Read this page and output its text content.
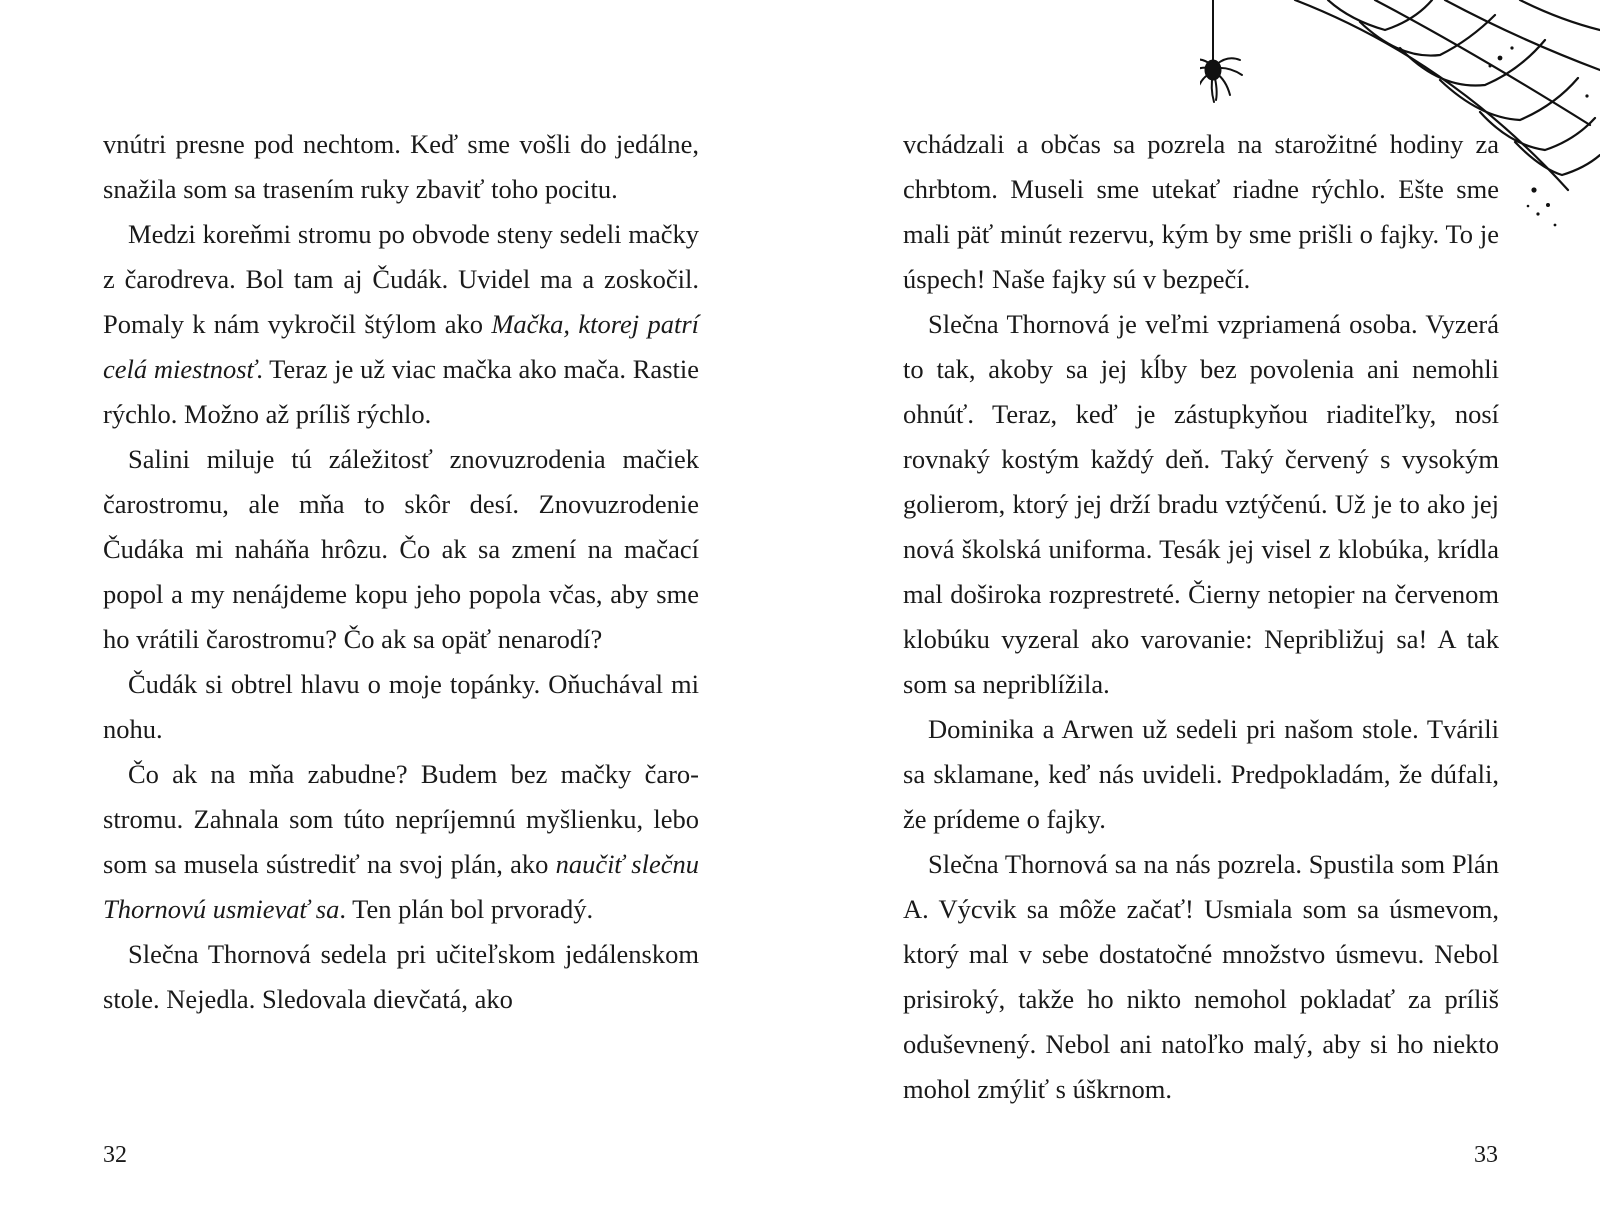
vnútri presne pod nechtom. Keď sme vošli do jedálne, snažila som sa trasením ruky zbaviť toho pocitu.

Medzi koreňmi stromu po obvode steny sedeli mačky z čarodreva. Bol tam aj Čudák. Uvidel ma a zoskočil. Pomaly k nám vykročil štýlom ako Mačka, ktorej patrí celá miestnosť. Teraz je už viac mačka ako mača. Rastie rýchlo. Možno až príliš rýchlo.

Salini miluje tú záležitosť znovuzrodenia mačiek čarostromu, ale mňa to skôr desí. Znovuzrodenie Čudáka mi naháňa hrôzu. Čo ak sa zmení na mačací popol a my nenájdeme kopu jeho popola včas, aby sme ho vrátili čarostromu? Čo ak sa opäť nenarodí?

Čudák si obtrel hlavu o moje topánky. Oňuchával mi nohu.

Čo ak na mňa zabudne? Budem bez mačky čarostromu. Zahnala som túto nepríjemnú myšlienku, lebo som sa musela sústrediť na svoj plán, ako naučiť slečnu Thornovú usmievať sa. Ten plán bol prvoradý.

Slečna Thornová sedela pri učiteľskom jedálenskom stole. Nejedla. Sledovala dievčatá, ako

32

vchádzali a občas sa pozrela na starožitné hodiny za chrbtom. Museli sme utekať riadne rýchlo. Ešte sme mali päť minút rezervu, kým by sme prišli o fajky. To je úspech! Naše fajky sú v bezpečí.

Slečna Thornová je veľmi vzpriamená osoba. Vyzerá to tak, akoby sa jej kĺby bez povolenia ani nemohli ohnúť. Teraz, keď je zástupkyňou riaditeľky, nosí rovnaký kostým každý deň. Taký červený s vysokým golierom, ktorý jej drží bradu vztýčenú. Už je to ako jej nová školská uniforma. Tesák jej visel z klobúka, krídla mal doširoka rozprestreté. Čierny netopier na červenom klobúku vyzeral ako varovanie: Nepribližuj sa! A tak som sa nepriblížila.

Dominika a Arwen už sedeli pri našom stole. Tvárili sa sklamane, keď nás uvideli. Predpokladám, že dúfali, že prídeme o fajky.

Slečna Thornová sa na nás pozrela. Spustila som Plán A. Výcvik sa môže začať! Usmiala som sa úsmevom, ktorý mal v sebe dostatočné množstvo úsmevu. Nebol prisiroký, takže ho nikto nemohol pokladať za príliš oduševnený. Nebol ani natoľko malý, aby si ho niekto mohol zmýliť s úškrnom.

33
